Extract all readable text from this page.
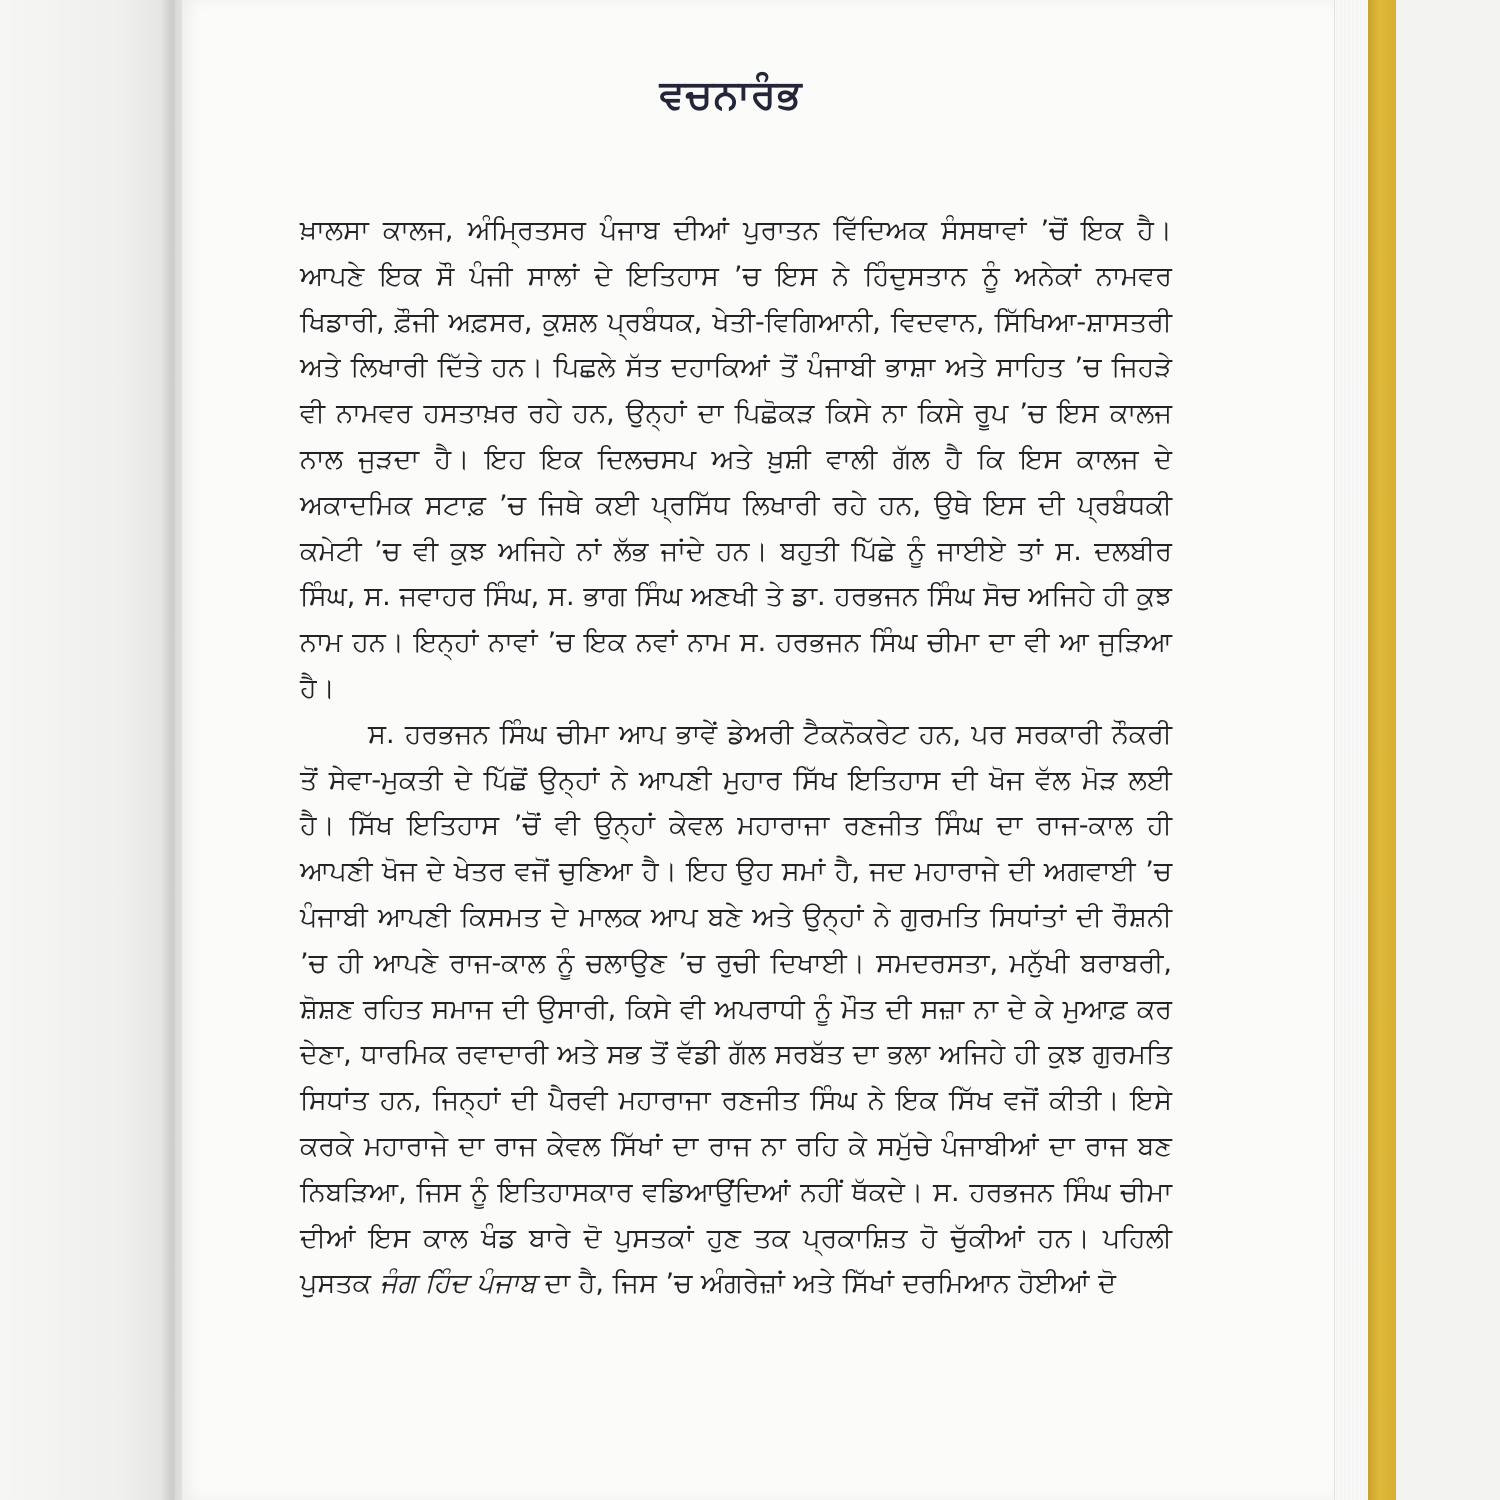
ਵਚਨਾਰੰਭ

ਖ਼ਾਲਸਾ ਕਾਲਜ, ਅੰਮ੍ਰਿਤਸਰ ਪੰਜਾਬ ਦੀਆਂ ਪੁਰਾਤਨ ਵਿੱਦਿਅਕ ਸੰਸਥਾਵਾਂ ’ਚੋਂ ਇਕ ਹੈ। ਆਪਣੇ ਇਕ ਸੌ ਪੰਜੀ ਸਾਲਾਂ ਦੇ ਇਤਿਹਾਸ ’ਚ ਇਸ ਨੇ ਹਿੰਦੁਸਤਾਨ ਨੂੰ ਅਨੇਕਾਂ ਨਾਮਵਰ ਖਿਡਾਰੀ, ਫ਼ੌਜੀ ਅਫ਼ਸਰ, ਕੁਸ਼ਲ ਪ੍ਰਬੰਧਕ, ਖੇਤੀ-ਵਿਗਿਆਨੀ, ਵਿਦਵਾਨ, ਸਿੱਖਿਆ-ਸ਼ਾਸਤਰੀ ਅਤੇ ਲਿਖਾਰੀ ਦਿੱਤੇ ਹਨ। ਪਿਛਲੇ ਸੱਤ ਦਹਾਕਿਆਂ ਤੋਂ ਪੰਜਾਬੀ ਭਾਸ਼ਾ ਅਤੇ ਸਾਹਿਤ ’ਚ ਜਿਹੜੇ ਵੀ ਨਾਮਵਰ ਹਸਤਾਖ਼ਰ ਰਹੇ ਹਨ, ਉਨ੍ਹਾਂ ਦਾ ਪਿਛੋਕੜ ਕਿਸੇ ਨਾ ਕਿਸੇ ਰੂਪ ’ਚ ਇਸ ਕਾਲਜ ਨਾਲ ਜੁੜਦਾ ਹੈ। ਇਹ ਇਕ ਦਿਲਚਸਪ ਅਤੇ ਖ਼ੁਸ਼ੀ ਵਾਲੀ ਗੱਲ ਹੈ ਕਿ ਇਸ ਕਾਲਜ ਦੇ ਅਕਾਦਮਿਕ ਸਟਾਫ਼ ’ਚ ਜਿਥੇ ਕਈ ਪ੍ਰਸਿੱਧ ਲਿਖਾਰੀ ਰਹੇ ਹਨ, ਉਥੇ ਇਸ ਦੀ ਪ੍ਰਬੰਧਕੀ ਕਮੇਟੀ ’ਚ ਵੀ ਕੁਝ ਅਜਿਹੇ ਨਾਂ ਲੱਭ ਜਾਂਦੇ ਹਨ। ਬਹੁਤੀ ਪਿੱਛੇ ਨੂੰ ਜਾਈਏ ਤਾਂ ਸ. ਦਲਬੀਰ ਸਿੰਘ, ਸ. ਜਵਾਹਰ ਸਿੰਘ, ਸ. ਭਾਗ ਸਿੰਘ ਅਣਖੀ ਤੇ ਡਾ. ਹਰਭਜਨ ਸਿੰਘ ਸੋਚ ਅਜਿਹੇ ਹੀ ਕੁਝ ਨਾਮ ਹਨ। ਇਨ੍ਹਾਂ ਨਾਵਾਂ ’ਚ ਇਕ ਨਵਾਂ ਨਾਮ ਸ. ਹਰਭਜਨ ਸਿੰਘ ਚੀਮਾ ਦਾ ਵੀ ਆ ਜੁੜਿਆ ਹੈ।

ਸ. ਹਰਭਜਨ ਸਿੰਘ ਚੀਮਾ ਆਪ ਭਾਵੇਂ ਡੇਅਰੀ ਟੈਕਨੋਕਰੇਟ ਹਨ, ਪਰ ਸਰਕਾਰੀ ਨੌਕਰੀ ਤੋਂ ਸੇਵਾ-ਮੁਕਤੀ ਦੇ ਪਿੱਛੋਂ ਉਨ੍ਹਾਂ ਨੇ ਆਪਣੀ ਮੁਹਾਰ ਸਿੱਖ ਇਤਿਹਾਸ ਦੀ ਖੋਜ ਵੱਲ ਮੋੜ ਲਈ ਹੈ। ਸਿੱਖ ਇਤਿਹਾਸ ’ਚੋਂ ਵੀ ਉਨ੍ਹਾਂ ਕੇਵਲ ਮਹਾਰਾਜਾ ਰਣਜੀਤ ਸਿੰਘ ਦਾ ਰਾਜ-ਕਾਲ ਹੀ ਆਪਣੀ ਖੋਜ ਦੇ ਖੇਤਰ ਵਜੋਂ ਚੁਣਿਆ ਹੈ। ਇਹ ਉਹ ਸਮਾਂ ਹੈ, ਜਦ ਮਹਾਰਾਜੇ ਦੀ ਅਗਵਾਈ ’ਚ ਪੰਜਾਬੀ ਆਪਣੀ ਕਿਸਮਤ ਦੇ ਮਾਲਕ ਆਪ ਬਣੇ ਅਤੇ ਉਨ੍ਹਾਂ ਨੇ ਗੁਰਮਤਿ ਸਿਧਾਂਤਾਂ ਦੀ ਰੌਸ਼ਨੀ ’ਚ ਹੀ ਆਪਣੇ ਰਾਜ-ਕਾਲ ਨੂੰ ਚਲਾਉਣ ’ਚ ਰੁਚੀ ਦਿਖਾਈ। ਸਮਦਰਸਤਾ, ਮਨੁੱਖੀ ਬਰਾਬਰੀ, ਸ਼ੋਸ਼ਣ ਰਹਿਤ ਸਮਾਜ ਦੀ ਉਸਾਰੀ, ਕਿਸੇ ਵੀ ਅਪਰਾਧੀ ਨੂੰ ਮੌਤ ਦੀ ਸਜ਼ਾ ਨਾ ਦੇ ਕੇ ਮੁਆਫ਼ ਕਰ ਦੇਣਾ, ਧਾਰਮਿਕ ਰਵਾਦਾਰੀ ਅਤੇ ਸਭ ਤੋਂ ਵੱਡੀ ਗੱਲ ਸਰਬੱਤ ਦਾ ਭਲਾ ਅਜਿਹੇ ਹੀ ਕੁਝ ਗੁਰਮਤਿ ਸਿਧਾਂਤ ਹਨ, ਜਿਨ੍ਹਾਂ ਦੀ ਪੈਰਵੀ ਮਹਾਰਾਜਾ ਰਣਜੀਤ ਸਿੰਘ ਨੇ ਇਕ ਸਿੱਖ ਵਜੋਂ ਕੀਤੀ। ਇਸੇ ਕਰਕੇ ਮਹਾਰਾਜੇ ਦਾ ਰਾਜ ਕੇਵਲ ਸਿੱਖਾਂ ਦਾ ਰਾਜ ਨਾ ਰਹਿ ਕੇ ਸਮੁੱਚੇ ਪੰਜਾਬੀਆਂ ਦਾ ਰਾਜ ਬਣ ਨਿਬੜਿਆ, ਜਿਸ ਨੂੰ ਇਤਿਹਾਸਕਾਰ ਵਡਿਆਉਂਦਿਆਂ ਨਹੀਂ ਥੱਕਦੇ। ਸ. ਹਰਭਜਨ ਸਿੰਘ ਚੀਮਾ ਦੀਆਂ ਇਸ ਕਾਲ ਖੰਡ ਬਾਰੇ ਦੋ ਪੁਸਤਕਾਂ ਹੁਣ ਤਕ ਪ੍ਰਕਾਸ਼ਿਤ ਹੋ ਚੁੱਕੀਆਂ ਹਨ। ਪਹਿਲੀ ਪੁਸਤਕ ਜੰਗ ਹਿੰਦ ਪੰਜਾਬ ਦਾ ਹੈ, ਜਿਸ ’ਚ ਅੰਗਰੇਜ਼ਾਂ ਅਤੇ ਸਿੱਖਾਂ ਦਰਮਿਆਨ ਹੋਈਆਂ ਦੋ
